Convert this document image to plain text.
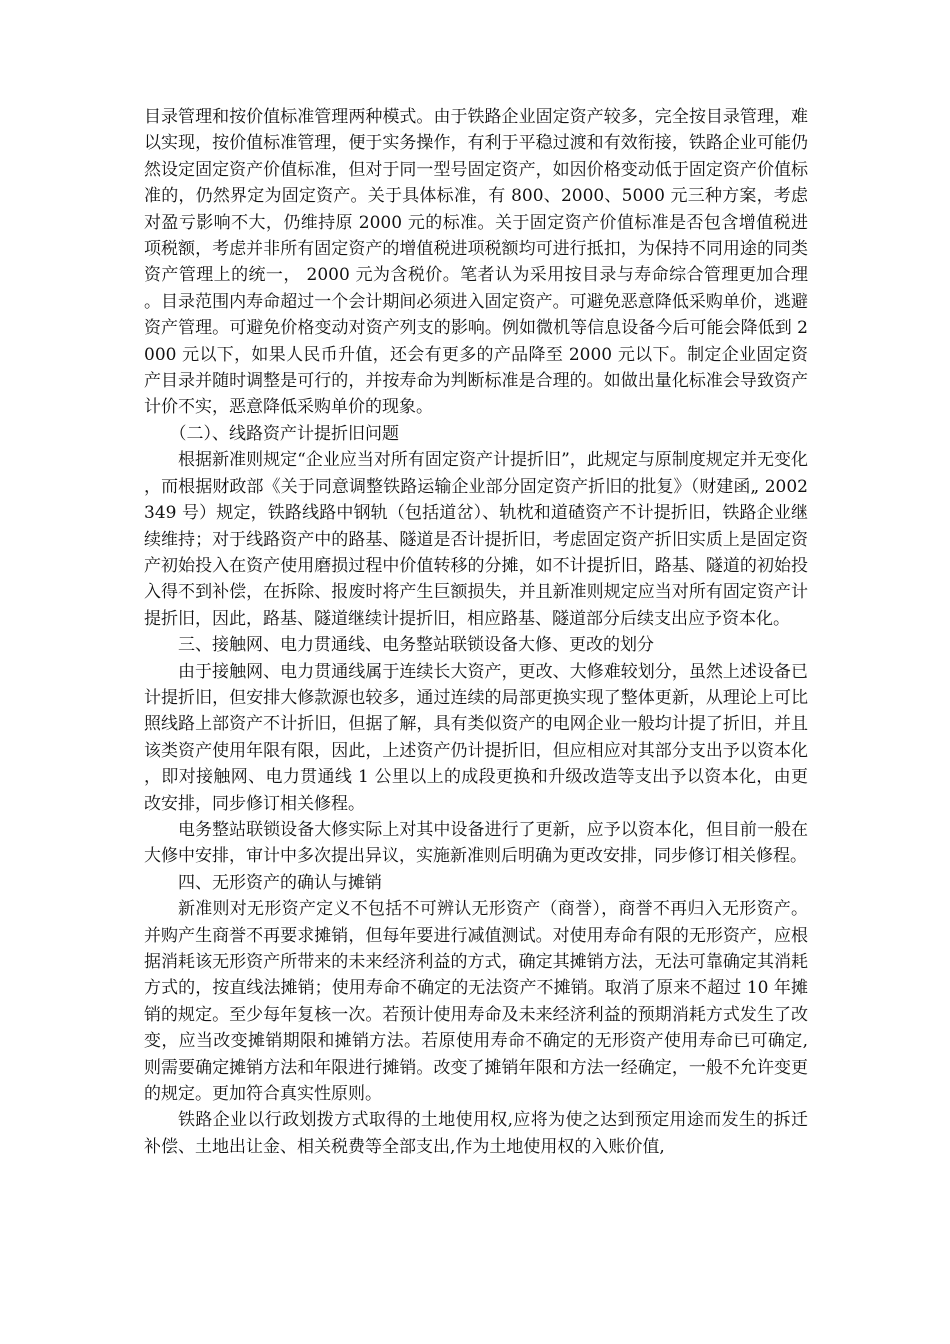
目录管理和按价值标准管理两种模式。由于铁路企业固定资产较多，完全按目录管理，难以实现，按价值标准管理，便于实务操作，有利于平稳过渡和有效衔接，铁路企业可能仍然设定固定资产价值标准，但对于同一型号固定资产，如因价格变动低于固定资产价值标准的，仍然界定为固定资产。关于具体标准，有 800、2000、5000 元三种方案，考虑对盈亏影响不大，仍维持原 2000 元的标准。关于固定资产价值标准是否包含增值税进项税额，考虑并非所有固定资产的增值税进项税额均可进行抵扣，为保持不同用途的同类资产管理上的统一， 2000 元为含税价。笔者认为采用按目录与寿命综合管理更加合理。目录范围内寿命超过一个会计期间必须进入固定资产。可避免恶意降低采购单价，逃避资产管理。可避免价格变动对资产列支的影响。例如微机等信息设备今后可能会降低到 2000 元以下，如果人民币升值，还会有更多的产品降至 2000 元以下。制定企业固定资产目录并随时调整是可行的，并按寿命为判断标准是合理的。如做出量化标准会导致资产计价不实，恶意降低采购单价的现象。

（二）、线路资产计提折旧问题

根据新准则规定“企业应当对所有固定资产计提折旧”，此规定与原制度规定并无变化，而根据财政部《关于同意调整铁路运输企业部分固定资产折旧的批复》（财建函„ 2002　349 号）规定，铁路线路中钢轨（包括道岔）、轨枕和道碴资产不计提折旧，铁路企业继续维持；对于线路资产中的路基、隧道是否计提折旧，考虑固定资产折旧实质上是固定资产初始投入在资产使用磨损过程中价值转移的分摊，如不计提折旧，路基、隧道的初始投入得不到补偿，在拆除、报废时将产生巨额损失，并且新准则规定应当对所有固定资产计提折旧，因此，路基、隧道继续计提折旧，相应路基、隧道部分后续支出应予资本化。

三、接触网、电力贯通线、电务整站联锁设备大修、更改的划分

由于接触网、电力贯通线属于连续长大资产，更改、大修难较划分，虽然上述设备已计提折旧，但安排大修款源也较多，通过连续的局部更换实现了整体更新，从理论上可比照线路上部资产不计折旧，但据了解，具有类似资产的电网企业一般均计提了折旧，并且该类资产使用年限有限，因此，上述资产仍计提折旧，但应相应对其部分支出予以资本化，即对接触网、电力贯通线 1 公里以上的成段更换和升级改造等支出予以资本化，由更改安排，同步修订相关修程。

电务整站联锁设备大修实际上对其中设备进行了更新，应予以资本化，但目前一般在大修中安排，审计中多次提出异议，实施新准则后明确为更改安排，同步修订相关修程。

四、无形资产的确认与摊销

新准则对无形资产定义不包括不可辨认无形资产（商誉），商誉不再归入无形资产。并购产生商誉不再要求摊销，但每年要进行减值测试。对使用寿命有限的无形资产，应根据消耗该无形资产所带来的未来经济利益的方式，确定其摊销方法，无法可靠确定其消耗方式的，按直线法摊销；使用寿命不确定的无法资产不摊销。取消了原来不超过 10 年摊销的规定。至少每年复核一次。若预计使用寿命及未来经济利益的预期消耗方式发生了改变，应当改变摊销期限和摊销方法。若原使用寿命不确定的无形资产使用寿命已可确定,则需要确定摊销方法和年限进行摊销。改变了摊销年限和方法一经确定，一般不允许变更的规定。更加符合真实性原则。

铁路企业以行政划拨方式取得的土地使用权,应将为使之达到预定用途而发生的拆迁补偿、土地出让金、相关税费等全部支出,作为土地使用权的入账价值,
